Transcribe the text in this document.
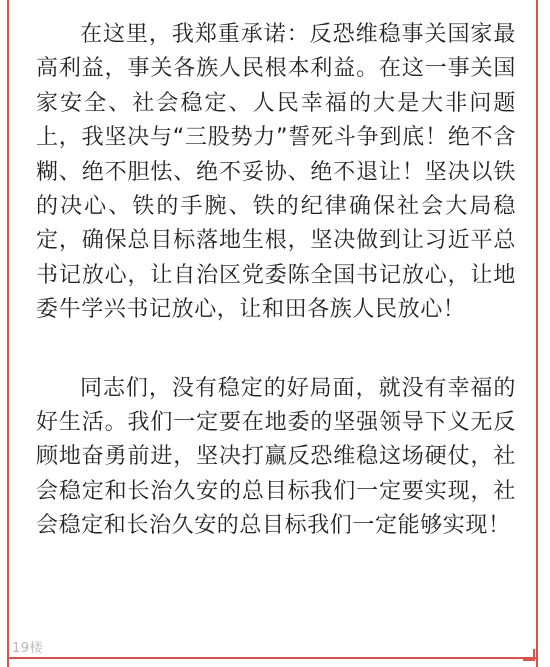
在这里，我郑重承诺：反恐维稳事关国家最高利益，事关各族人民根本利益。在这一事关国家安全、社会稳定、人民幸福的大是大非问题上，我坚决与“三股势力”誓死斗争到底！绝不含糊、绝不胆怯、绝不妥协、绝不退让！坚决以铁的决心、铁的手腕、铁的纪律确保社会大局稳定，确保总目标落地生根，坚决做到让习近平总书记放心，让自治区党委陈全国书记放心，让地委牛学兴书记放心，让和田各族人民放心！

同志们，没有稳定的好局面，就没有幸福的好生活。我们一定要在地委的坚强领导下义无反顾地奋勇前进，坚决打赢反恐维稳这场硬仗，社会稳定和长治久安的总目标我们一定要实现，社会稳定和长治久安的总目标我们一定能够实现！

19楼
